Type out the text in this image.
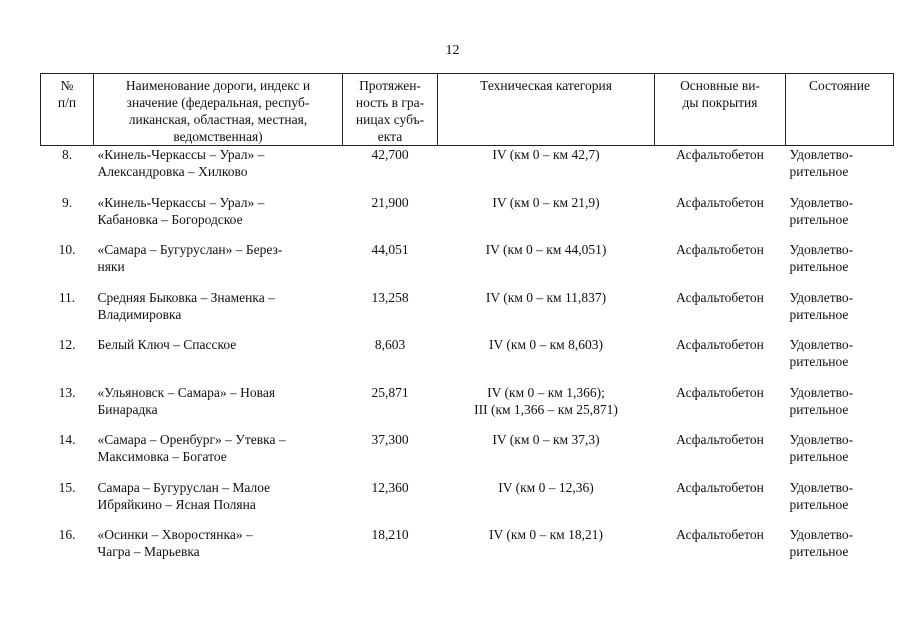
12
№
п/п	Наименование дороги, индекс и
значение (федеральная, респуб-
ликанская, областная, местная,
ведомственная)	Протяжен-
ность в гра-
ницах субъ-
екта	Техническая категория	Основные ви-
ды покрытия	Состояние

8.	«Кинель-Черкассы – Урал» –
Александровка – Хилково	42,700	IV (км 0 – км 42,7)	Асфальтобетон	Удовлетво-
рительное

9.	«Кинель-Черкассы – Урал» –
Кабановка – Богородское	21,900	IV (км 0 – км 21,9)	Асфальтобетон	Удовлетво-
рительное

10.	«Самара – Бугуруслан» – Берез-
няки	44,051	IV (км 0 – км 44,051)	Асфальтобетон	Удовлетво-
рительное

11.	Средняя Быковка – Знаменка –
Владимировка	13,258	IV (км 0 – км 11,837)	Асфальтобетон	Удовлетво-
рительное

12.	Белый Ключ – Спасское	8,603	IV (км 0 – км 8,603)	Асфальтобетон	Удовлетво-
рительное

13.	«Ульяновск – Самара» – Новая
Бинарадка	25,871	IV (км 0 – км 1,366);
III (км 1,366 – км 25,871)	Асфальтобетон	Удовлетво-
рительное

14.	«Самара – Оренбург» – Утевка –
Максимовка – Богатое	37,300	IV (км 0 – км 37,3)	Асфальтобетон	Удовлетво-
рительное

15.	Самара – Бугуруслан – Малое
Ибряйкино – Ясная Поляна	12,360	IV (км 0 – 12,36)	Асфальтобетон	Удовлетво-
рительное

16.	«Осинки – Хворостянка» –
Чагра – Марьевка	18,210	IV (км 0 – км 18,21)	Асфальтобетон	Удовлетво-
рительное
